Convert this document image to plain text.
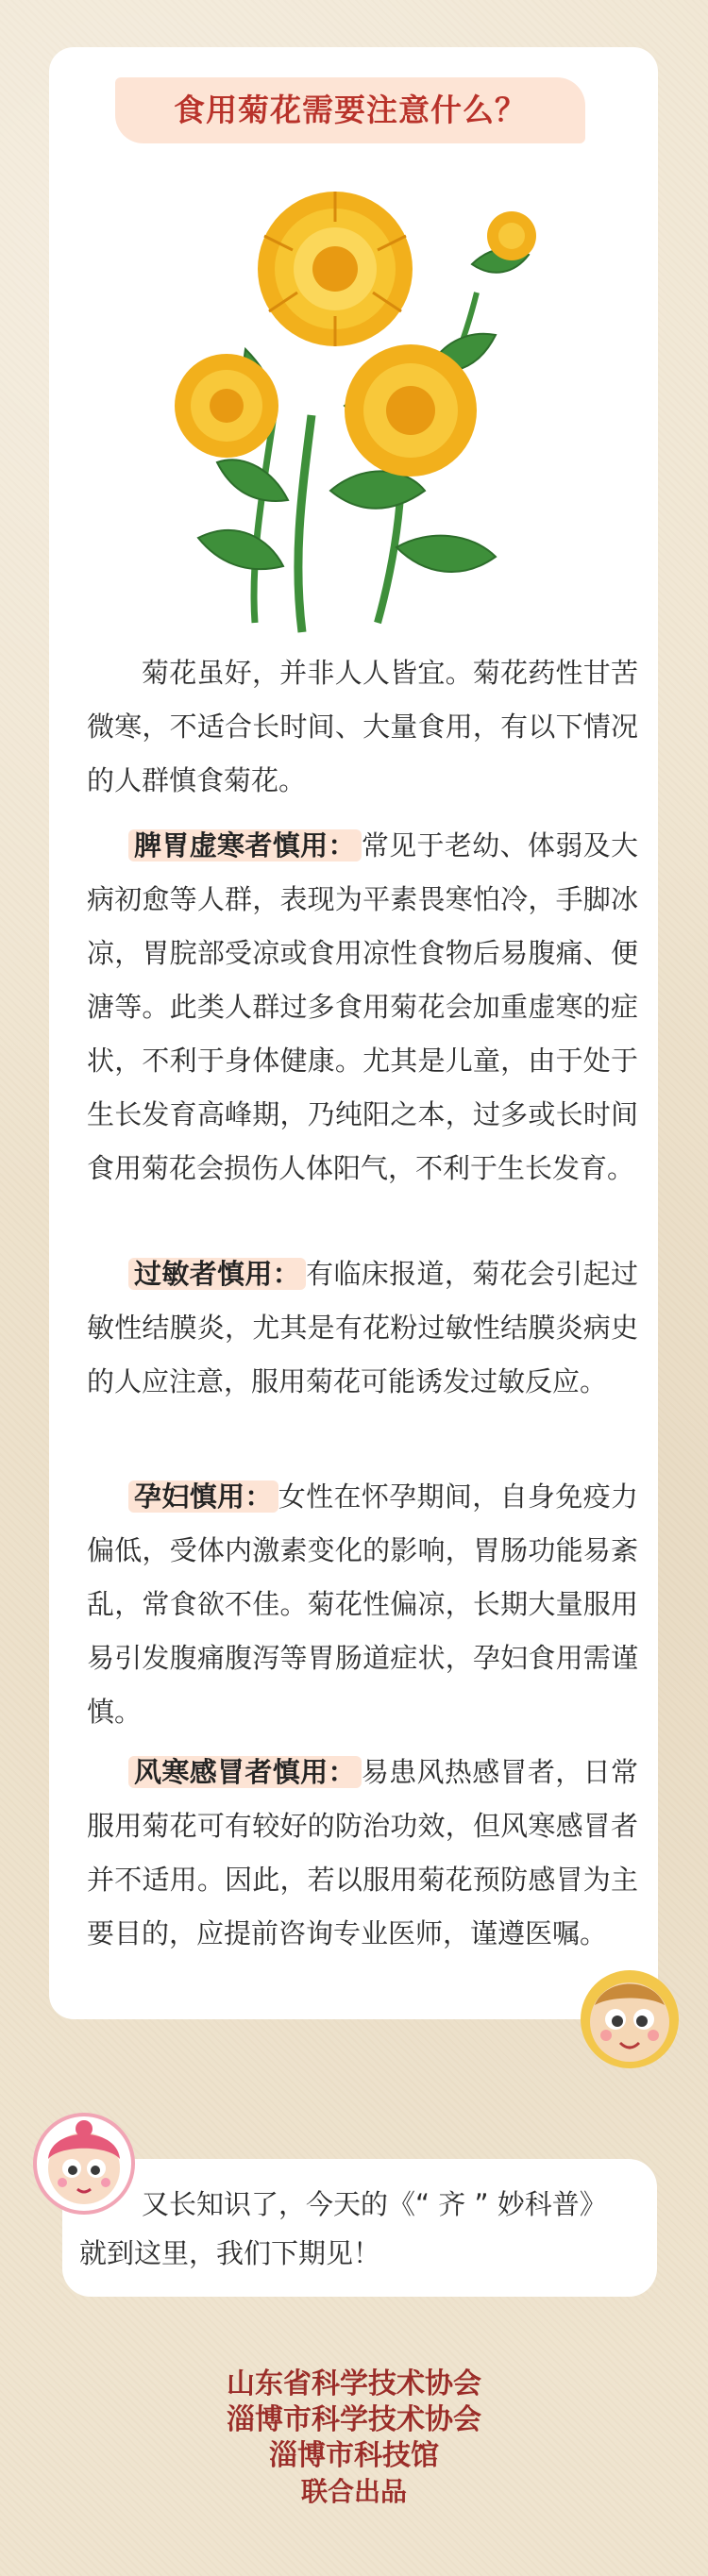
食用菊花需要注意什么？

菊花虽好，并非人人皆宜。菊花药性甘苦微寒，不适合长时间、大量食用，有以下情况的人群慎食菊花。

脾胃虚寒者慎用： 常见于老幼、体弱及大病初愈等人群，表现为平素畏寒怕冷，手脚冰凉，胃脘部受凉或食用凉性食物后易腹痛、便溏等。此类人群过多食用菊花会加重虚寒的症状，不利于身体健康。尤其是儿童，由于处于生长发育高峰期，乃纯阳之本，过多或长时间食用菊花会损伤人体阳气，不利于生长发育。

过敏者慎用： 有临床报道，菊花会引起过敏性结膜炎，尤其是有花粉过敏性结膜炎病史的人应注意，服用菊花可能诱发过敏反应。

孕妇慎用： 女性在怀孕期间，自身免疫力偏低，受体内激素变化的影响，胃肠功能易紊乱，常食欲不佳。菊花性偏凉，长期大量服用易引发腹痛腹泻等胃肠道症状，孕妇食用需谨慎。

风寒感冒者慎用： 易患风热感冒者，日常服用菊花可有较好的防治功效，但风寒感冒者并不适用。因此，若以服用菊花预防感冒为主要目的，应提前咨询专业医师，谨遵医嘱。

又长知识了，今天的《“ 齐 ” 妙科普》
就到这里，我们下期见！
山东省科学技术协会
淄博市科学技术协会
淄博市科技馆
联合出品
